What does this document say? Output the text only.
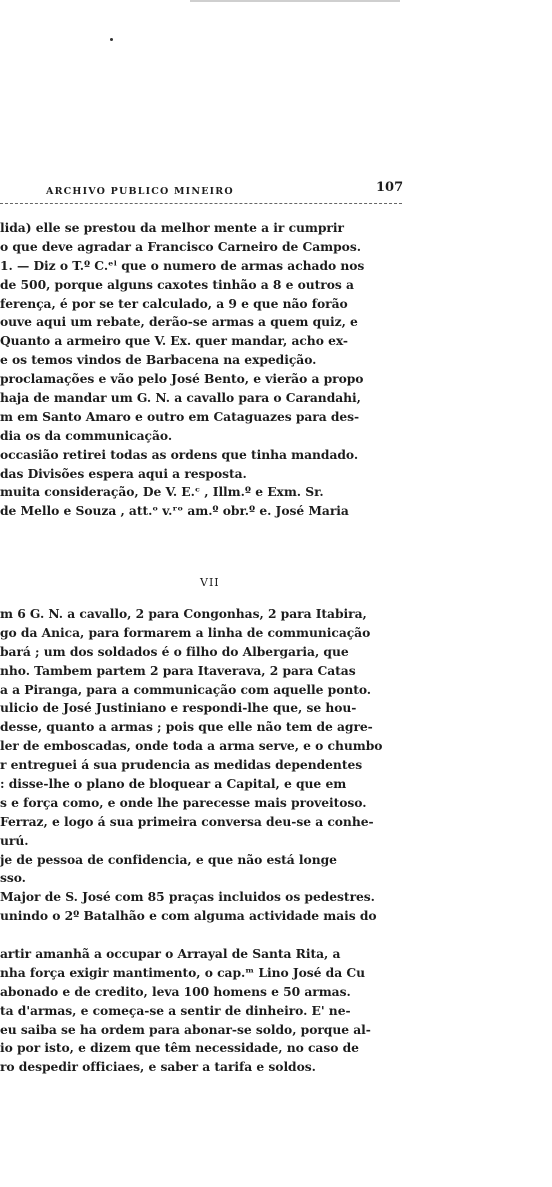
ARCHIVO PUBLICO MINEIRO	107
lida) elle se prestou da melhor mente a ir cumprir
o que deve agradar a Francisco Carneiro de Campos.
1. — Diz o T.º C.ᵉˡ que o numero de armas achado nos
de 500, porque alguns caxotes tinhão a 8 e outros a
ferença, é por se ter calculado, a 9 e que não forão
ouve aqui um rebate, derão-se armas a quem quiz, e
Quanto a armeiro que V. Ex. quer mandar, acho ex-
e os temos vindos de Barbacena na expedição.
proclamações e vão pelo José Bento, e vierão a propo
haja de mandar um G. N. a cavallo para o Carandahi,
m em Santo Amaro e outro em Cataguazes para des-
dia os da communicação.
occasião retirei todas as ordens que tinha mandado.
das Divisões espera aqui a resposta.
muita consideração, De V. E.ᶜ , Illm.º e Exm. Sr.
de Mello e Souza , att.ᵒ v.ʳᵒ am.º obr.º e. José Maria
VII
m 6 G. N. a cavallo, 2 para Congonhas, 2 para Itabira,
go da Anica, para formarem a linha de communicação
bará ; um dos soldados é o filho do Albergaria, que
nho. Tambem partem 2 para Itaverava, 2 para Catas
a a Piranga, para a communicação com aquelle ponto.
ulicio de José Justiniano e respondi-lhe que, se hou-
desse, quanto a armas ; pois que elle não tem de agre-
ler de emboscadas, onde toda a arma serve, e o chumbo
r entreguei á sua prudencia as medidas dependentes
: disse-lhe o plano de bloquear a Capital, e que em
s e força como, e onde lhe parecesse mais proveitoso.
Ferraz, e logo á sua primeira conversa deu-se a conhe-
urú.
je de pessoa de confidencia, e que não está longe
sso.
Major de S. José com 85 praças incluidos os pedestres.
unindo o 2º Batalhão e com alguma actividade mais do
artir amanhã a occupar o Arrayal de Santa Rita, a
nha força exigir mantimento, o cap.ᵐ Lino José da Cu
abonado e de credito, leva 100 homens e 50 armas.
ta d'armas, e começa-se a sentir de dinheiro. E' ne-
eu saiba se ha ordem para abonar-se soldo, porque al-
io por isto, e dizem que têm necessidade, no caso de
ro despedir officiaes, e saber a tarifa e soldos.
